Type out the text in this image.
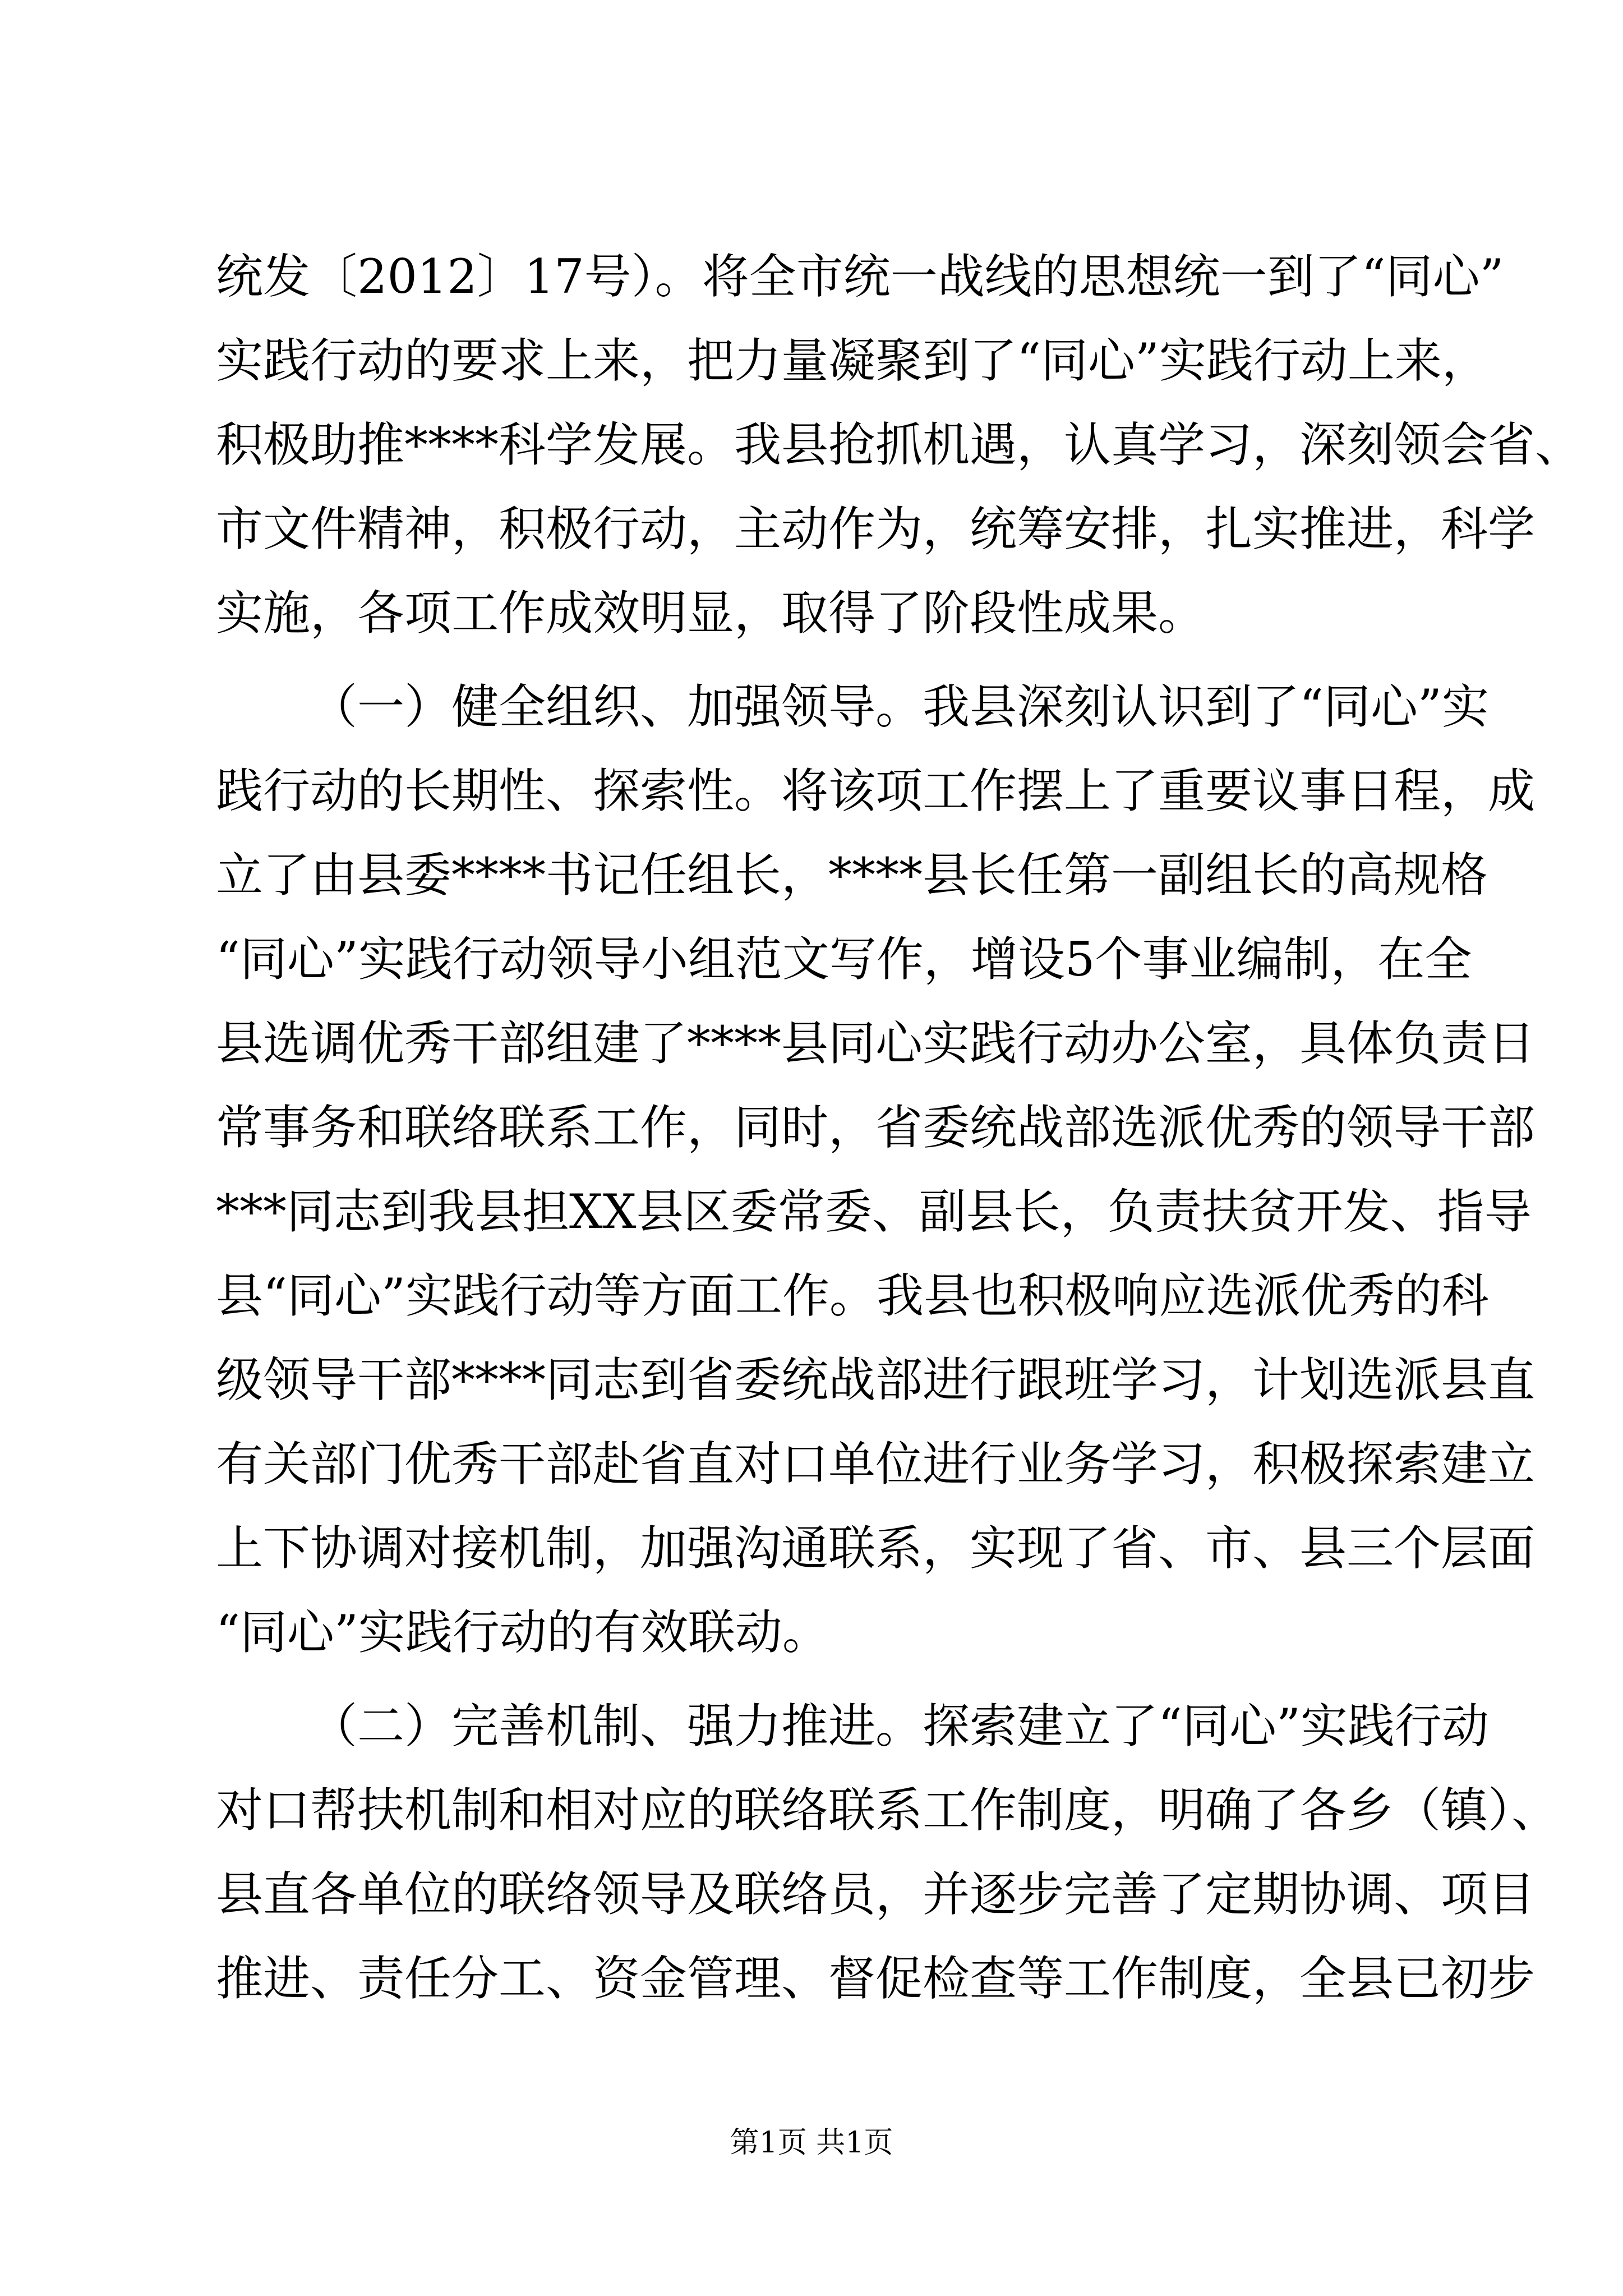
统发〔2012〕17号）。将全市统一战线的思想统一到了“同心”
实践行动的要求上来，把力量凝聚到了“同心”实践行动上来，
积极助推****科学发展。我县抢抓机遇，认真学习，深刻领会省、
市文件精神，积极行动，主动作为，统筹安排，扎实推进，科学
实施，各项工作成效明显，取得了阶段性成果。
（一）健全组织、加强领导。我县深刻认识到了“同心”实
践行动的长期性、探索性。将该项工作摆上了重要议事日程，成
立了由县委****书记任组长，****县长任第一副组长的高规格
“同心”实践行动领导小组范文写作，增设5个事业编制，在全
县选调优秀干部组建了****县同心实践行动办公室，具体负责日
常事务和联络联系工作，同时，省委统战部选派优秀的领导干部
***同志到我县担XX县区委常委、副县长，负责扶贫开发、指导
县“同心”实践行动等方面工作。我县也积极响应选派优秀的科
级领导干部****同志到省委统战部进行跟班学习，计划选派县直
有关部门优秀干部赴省直对口单位进行业务学习，积极探索建立
上下协调对接机制，加强沟通联系，实现了省、市、县三个层面
“同心”实践行动的有效联动。
（二）完善机制、强力推进。探索建立了“同心”实践行动
对口帮扶机制和相对应的联络联系工作制度，明确了各乡（镇）、
县直各单位的联络领导及联络员，并逐步完善了定期协调、项目
推进、责任分工、资金管理、督促检查等工作制度，全县已初步
第1页 共1页
